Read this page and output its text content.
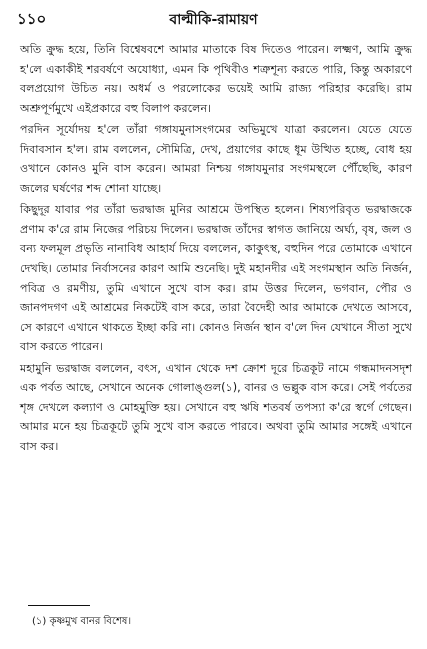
১১০	বাল্মীকি-রামায়ণ

অতি ক্রুদ্ধ হয়ে, তিনি বিশ্বেষবশে আমার মাতাকে বিষ দিতেও পারেন। লক্ষ্মণ, আমি ক্রুদ্ধ হ'লে একাকীই শরবর্ষণে অযোধ্যা, এমন কি পৃথিবীও শত্রুশূন্য করতে পারি, কিন্তু অকারণে বলপ্রয়োগ উচিত নয়। অধর্ম ও পরলোকের ভয়েই আমি রাজ্য পরিহার করেছি। রাম অশ্রুপূর্ণমুখে এইপ্রকারে বহু বিলাপ করলেন।

পরদিন সূর্যোদয় হ'লে তাঁরা গঙ্গাযমুনাসংগমের অভিমুখে যাত্রা করলেন। যেতে যেতে দিবাবসান হ'ল। রাম বললেন, সৌমিত্রি, দেখ, প্রয়াগের কাছে ধূম উত্থিত হচ্ছে, বোধ হয় ওখানে কোনও মুনি বাস করেন। আমরা নিশ্চয় গঙ্গাযমুনার সংগমস্থলে পৌঁছেছি, কারণ জলের ঘর্ষণের শব্দ শোনা যাচ্ছে।

কিছুদূর যাবার পর তাঁরা ভরদ্বাজ মুনির আশ্রমে উপস্থিত হলেন। শিষ্যপরিবৃত ভরদ্বাজকে প্রণাম ক'রে রাম নিজের পরিচয় দিলেন। ভরদ্বাজ তাঁদের স্বাগত জানিয়ে অর্ঘ্য, বৃষ, জল ও বন্য ফলমূল প্রভৃতি নানাবিধ আহার্য দিয়ে বললেন, কাকুৎস্থ, বহুদিন পরে তোমাকে এখানে দেখছি। তোমার নির্বাসনের কারণ আমি শুনেছি। দুই মহানদীর এই সংগমস্থান অতি নির্জন, পবিত্র ও রমণীয়, তুমি এখানে সুখে বাস কর। রাম উত্তর দিলেন, ভগবান, পৌর ও জানপদগণ এই আশ্রমের নিকটেই বাস করে, তারা বৈদেহী আর আমাকে দেখতে আসবে, সে কারণে এখানে থাকতে ইচ্ছা করি না। কোনও নির্জন স্থান ব'লে দিন যেখানে সীতা সুখে বাস করতে পারেন।

মহামুনি ভরদ্বাজ বললেন, বৎস, এখান থেকে দশ ক্রোশ দূরে চিত্রকূট নামে গন্ধমাদনসদৃশ এক পর্বত আছে, সেখানে অনেক গোলাঙ্গুল(১), বানর ও ভল্লুক বাস করে। সেই পর্বতের শৃঙ্গ দেখলে কল্যাণ ও মোহমুক্তি হয়। সেখানে বহু ঋষি শতবর্ষ তপস্যা ক'রে স্বর্গে গেছেন। আমার মনে হয় চিত্রকূটে তুমি সুখে বাস করতে পারবে। অথবা তুমি আমার সঙ্গেই এখানে বাস কর।

(১) কৃষ্ণমুখ বানর বিশেষ।
